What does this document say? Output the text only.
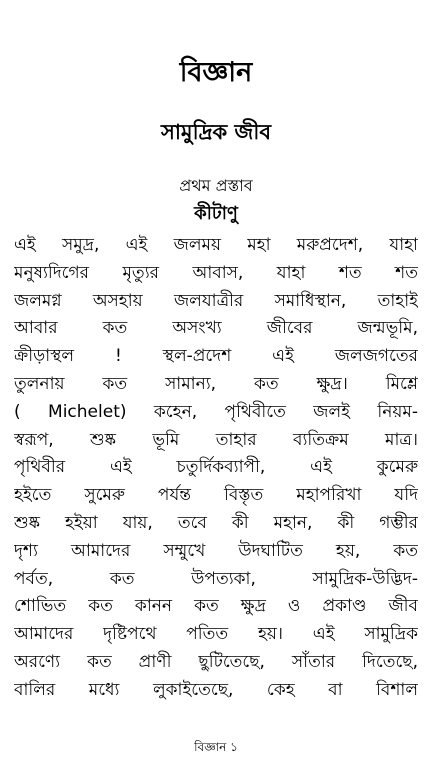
বিজ্ঞান
সামুদ্রিক জীব
প্রথম প্রস্তাব
কীটাণু
এই সমুদ্র, এই জলময় মহা মরুপ্রদেশ, যাহা
মনুষ্যদিগের মৃত্যুর আবাস, যাহা শত শত
জলমগ্ন অসহায় জলযাত্রীর সমাধিস্থান, তাহাই
আবার কত অসংখ্য জীবের জন্মভূমি,
ক্রীড়াস্থল ! স্থল-প্রদেশ এই জলজগতের
তুলনায় কত সামান্য, কত ক্ষুদ্র। মিশ্লে
( Michelet) কহেন, পৃথিবীতে জলই নিয়ম-
স্বরূপ, শুষ্ক ভূমি তাহার ব্যতিক্রম মাত্র।
পৃথিবীর এই চতুর্দিকব্যাপী, এই কুমেরু
হইতে সুমেরু পর্যন্ত বিস্তৃত মহাপরিখা যদি
শুষ্ক হইয়া যায়, তবে কী মহান, কী গম্ভীর
দৃশ্য আমাদের সম্মুখে উদঘাটিত হয়, কত
পর্বত, কত উপত্যকা, সামুদ্রিক-উদ্ভিদ-
শোভিত কত কানন কত ক্ষুদ্র ও প্রকাণ্ড জীব
আমাদের দৃষ্টিপথে পতিত হয়। এই সামুদ্রিক
অরণ্যে কত প্রাণী ছুটিতেছে, সাঁতার দিতেছে,
বালির মধ্যে লুকাইতেছে, কেহ বা বিশাল
বিজ্ঞান ১
